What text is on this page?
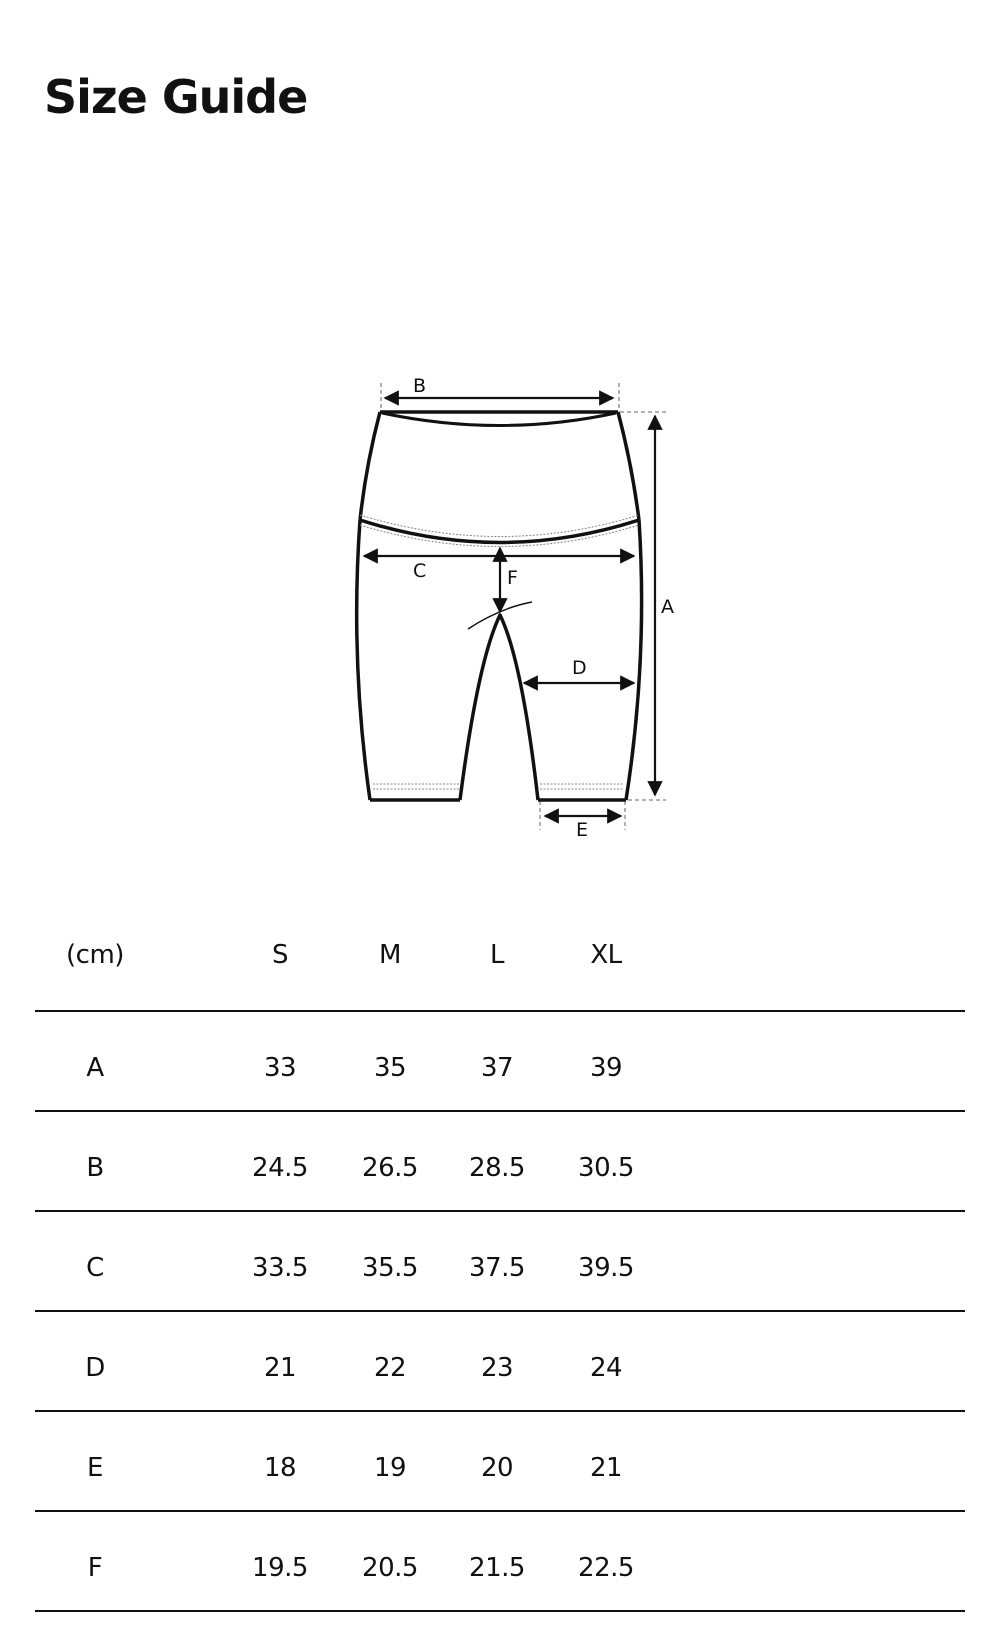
Size Guide
B
C	F
D
A
E
(cm)	S	M	L	XL
A	33	35	37	39
B	24.5	26.5	28.5	30.5
C	33.5	35.5	37.5	39.5
D	21	22	23	24
E	18	19	20	21
F	19.5	20.5	21.5	22.5
